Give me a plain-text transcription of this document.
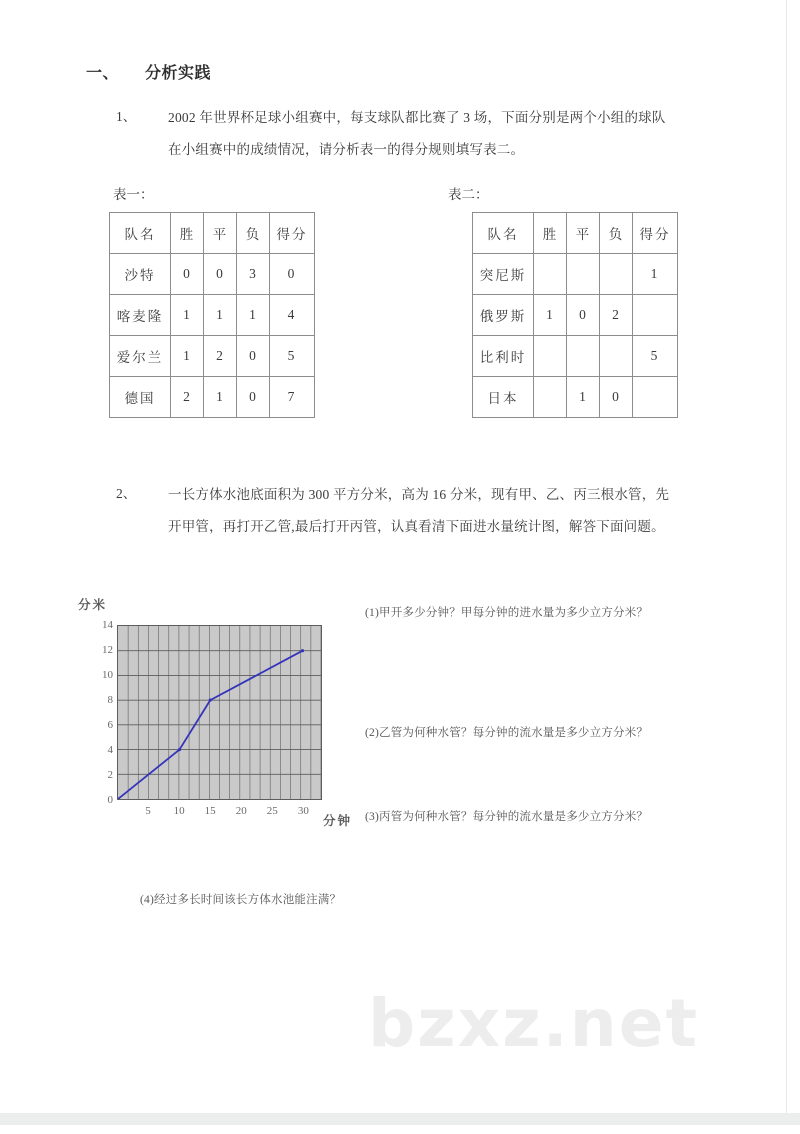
一、 分析实践
1、 2002 年世界杯足球小组赛中，每支球队都比赛了 3 场，下面分别是两个小组的球队在小组赛中的成绩情况，请分析表一的得分规则填写表二。
表一：	表二：
队名	胜	平	负	得分
沙特	0	0	3	0
喀麦隆	1	1	1	4
爱尔兰	1	2	0	5
德国	2	1	0	7
队名	胜	平	负	得分
突尼斯				1
俄罗斯	1	0	2	
比利时				5
日本		1	0	
2、 一长方体水池底面积为 300 平方分米，高为 16 分米，现有甲、乙、丙三根水管，先开甲管，再打开乙管,最后打开丙管，认真看清下面进水量统计图，解答下面问题。
分米
分钟
0
2
4
6
8
10
12
14
5 10 15 20 25 30
(1)甲开多少分钟？甲每分钟的进水量为多少立方分米？
(2)乙管为何种水管？每分钟的流水量是多少立方分米？
(3)丙管为何种水管？每分钟的流水量是多少立方分米？
(4)经过多长时间该长方体水池能注满？
bzxz.net
